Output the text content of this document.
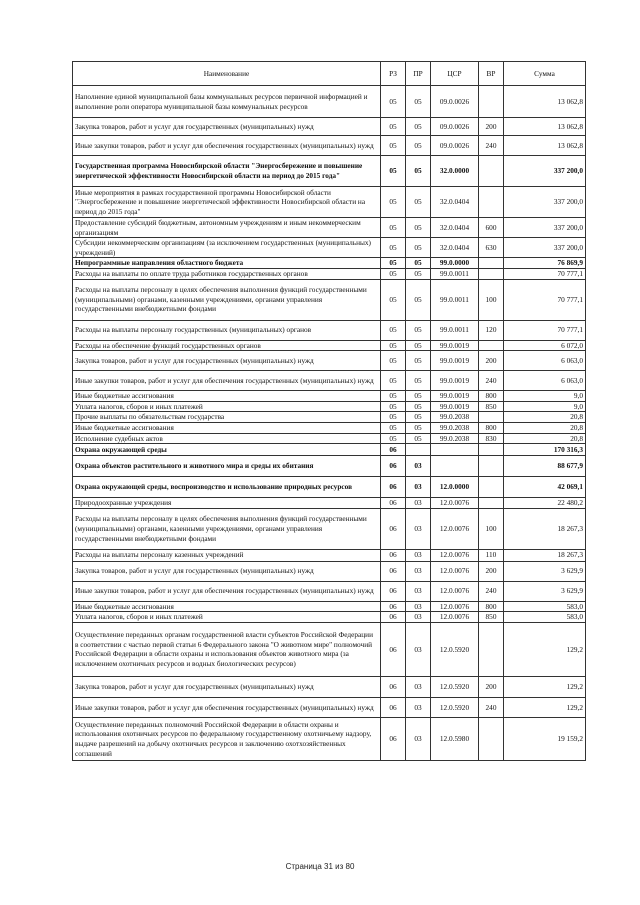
Наименование	РЗ	ПР	ЦСР	ВР	Сумма
Наполнение единой муниципальной базы коммунальных ресурсов первичной информацией и выполнение роли оператора муниципальной базы коммунальных ресурсов	05	05	09.0.0026		13 062,8
Закупка товаров, работ и услуг для государственных (муниципальных) нужд	05	05	09.0.0026	200	13 062,8
Иные закупки товаров, работ и услуг для обеспечения государственных (муниципальных) нужд	05	05	09.0.0026	240	13 062,8
Государственная программа Новосибирской области "Энергосбережение и повышение энергетической эффективности Новосибирской области на период до 2015 года"	05	05	32.0.0000		337 200,0
Иные мероприятия в рамках государственной программы Новосибирской области "Энергосбережение и повышение энергетической эффективности Новосибирской области на период до 2015 года"	05	05	32.0.0404		337 200,0
Предоставление субсидий бюджетным, автономным учреждениям и иным некоммерческим организациям	05	05	32.0.0404	600	337 200,0
Субсидии некоммерческим организациям (за исключением государственных (муниципальных) учреждений)	05	05	32.0.0404	630	337 200,0
Непрограммные направления областного бюджета	05	05	99.0.0000		76 869,9
Расходы на выплаты по оплате труда работников государственных органов	05	05	99.0.0011		70 777,1
Расходы на выплаты персоналу в целях обеспечения выполнения функций государственными (муниципальными) органами, казенными учреждениями, органами управления государственными внебюджетными фондами	05	05	99.0.0011	100	70 777,1
Расходы на выплаты персоналу государственных (муниципальных) органов	05	05	99.0.0011	120	70 777,1
Расходы на обеспечение функций государственных органов	05	05	99.0.0019		6 072,0
Закупка товаров, работ и услуг для государственных (муниципальных) нужд	05	05	99.0.0019	200	6 063,0
Иные закупки товаров, работ и услуг для обеспечения государственных (муниципальных) нужд	05	05	99.0.0019	240	6 063,0
Иные бюджетные ассигнования	05	05	99.0.0019	800	9,0
Уплата налогов, сборов и иных платежей	05	05	99.0.0019	850	9,0
Прочие выплаты по обязательствам государства	05	05	99.0.2038		20,8
Иные бюджетные ассигнования	05	05	99.0.2038	800	20,8
Исполнение судебных актов	05	05	99.0.2038	830	20,8
Охрана окружающей среды	06				170 316,3
Охрана объектов растительного и животного мира и среды их обитания	06	03			88 677,9
Охрана окружающей среды, воспроизводство и использование природных ресурсов	06	03	12.0.0000		42 069,1
Природоохранные учреждения	06	03	12.0.0076		22 480,2
Расходы на выплаты персоналу в целях обеспечения выполнения функций государственными (муниципальными) органами, казенными учреждениями, органами управления государственными внебюджетными фондами	06	03	12.0.0076	100	18 267,3
Расходы на выплаты персоналу казенных учреждений	06	03	12.0.0076	110	18 267,3
Закупка товаров, работ и услуг для государственных (муниципальных) нужд	06	03	12.0.0076	200	3 629,9
Иные закупки товаров, работ и услуг для обеспечения государственных (муниципальных) нужд	06	03	12.0.0076	240	3 629,9
Иные бюджетные ассигнования	06	03	12.0.0076	800	583,0
Уплата налогов, сборов и иных платежей	06	03	12.0.0076	850	583,0
Осуществление переданных органам государственной власти субъектов Российской Федерации в соответствии с частью первой статьи 6 Федерального закона "О животном мире" полномочий Российской Федерации в области охраны и использования объектов животного мира (за исключением охотничьих ресурсов и водных биологических ресурсов)	06	03	12.0.5920		129,2
Закупка товаров, работ и услуг для государственных (муниципальных) нужд	06	03	12.0.5920	200	129,2
Иные закупки товаров, работ и услуг для обеспечения государственных (муниципальных) нужд	06	03	12.0.5920	240	129,2
Осуществление переданных полномочий Российской Федерации в области охраны и использования охотничьих ресурсов по федеральному государственному охотничьему надзору, выдаче разрешений на добычу охотничьих ресурсов и заключению охотхозяйственных соглашений	06	03	12.0.5980		19 159,2
Страница 31 из 80
